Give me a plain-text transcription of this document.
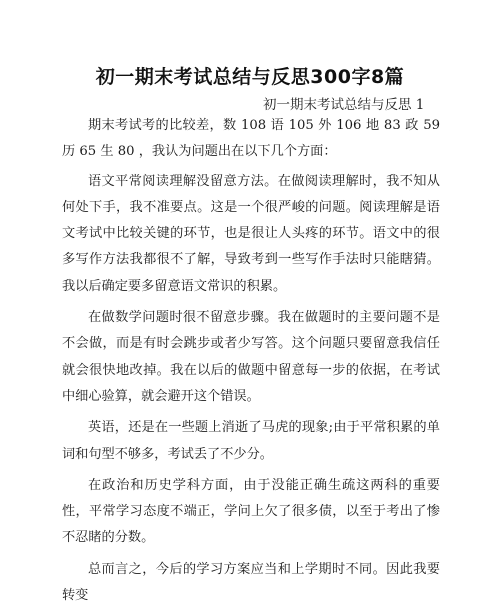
初一期末考试总结与反思300字8篇
初一期末考试总结与反思 1

期末考试考的比较差，数 108 语 105 外 106 地 83 政 59 历 65 生 80 ，我认为问题出在以下几个方面：

语文平常阅读理解没留意方法。在做阅读理解时，我不知从何处下手，我不准要点。这是一个很严峻的问题。阅读理解是语文考试中比较关键的环节，也是很让人头疼的环节。语文中的很多写作方法我都很不了解，导致考到一些写作手法时只能瞎猜。我以后确定要多留意语文常识的积累。

在做数学问题时很不留意步骤。我在做题时的主要问题不是不会做，而是有时会跳步或者少写答。这个问题只要留意我信任就会很快地改掉。我在以后的做题中留意每一步的依据，在考试中细心验算，就会避开这个错误。

英语，还是在一些题上消逝了马虎的现象;由于平常积累的单词和句型不够多，考试丢了不少分。

在政治和历史学科方面，由于没能正确生疏这两科的重要性，平常学习态度不端正，学问上欠了很多债，以至于考出了惨不忍睹的分数。

总而言之，今后的学习方案应当和上学期时不同。因此我要转变
